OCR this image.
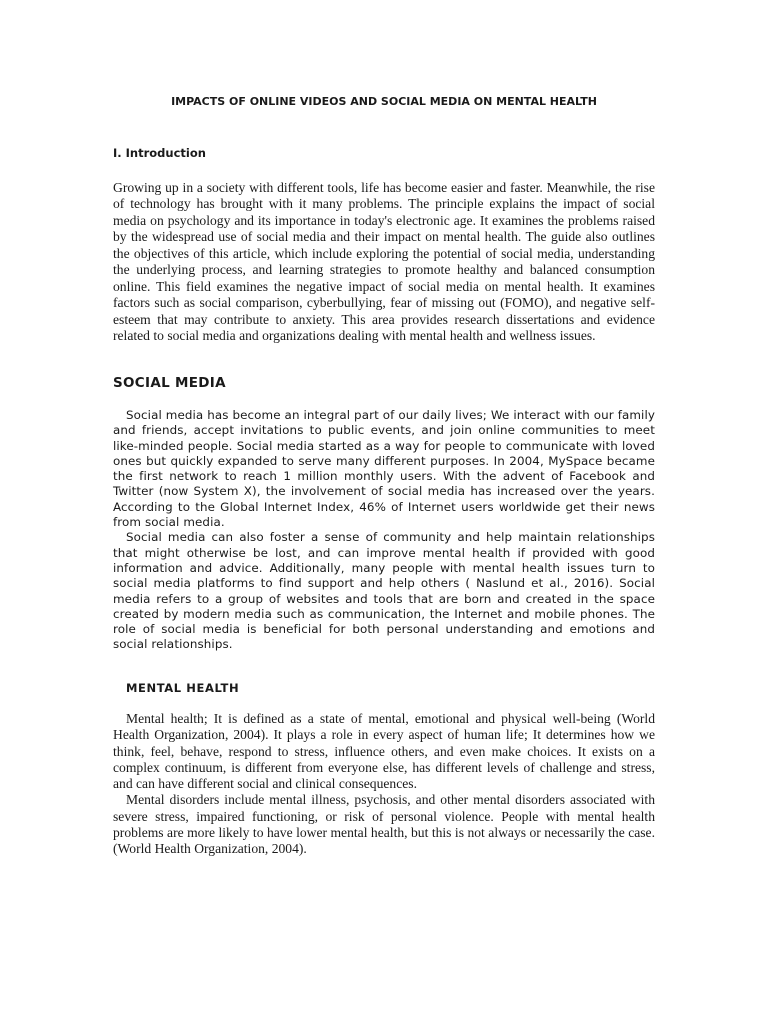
IMPACTS OF ONLINE VIDEOS AND SOCIAL MEDIA ON MENTAL HEALTH
I. Introduction

Growing up in a society with different tools, life has become easier and faster. Meanwhile, the rise of technology has brought with it many problems. The principle explains the impact of social media on psychology and its importance in today's electronic age. It examines the problems raised by the widespread use of social media and their impact on mental health. The guide also outlines the objectives of this article, which include exploring the potential of social media, understanding the underlying process, and learning strategies to promote healthy and balanced consumption online. This field examines the negative impact of social media on mental health. It examines factors such as social comparison, cyberbullying, fear of missing out (FOMO), and negative self-esteem that may contribute to anxiety. This area provides research dissertations and evidence related to social media and organizations dealing with mental health and wellness issues.

SOCIAL MEDIA

Social media has become an integral part of our daily lives; We interact with our family and friends, accept invitations to public events, and join online communities to meet like-minded people. Social media started as a way for people to communicate with loved ones but quickly expanded to serve many different purposes. In 2004, MySpace became the first network to reach 1 million monthly users. With the advent of Facebook and Twitter (now System X), the involvement of social media has increased over the years. According to the Global Internet Index, 46% of Internet users worldwide get their news from social media.

Social media can also foster a sense of community and help maintain relationships that might otherwise be lost, and can improve mental health if provided with good information and advice. Additionally, many people with mental health issues turn to social media platforms to find support and help others ( Naslund et al., 2016). Social media refers to a group of websites and tools that are born and created in the space created by modern media such as communication, the Internet and mobile phones. The role of social media is beneficial for both personal understanding and emotions and social relationships.

MENTAL HEALTH

Mental health; It is defined as a state of mental, emotional and physical well-being (World Health Organization, 2004). It plays a role in every aspect of human life; It determines how we think, feel, behave, respond to stress, influence others, and even make choices. It exists on a complex continuum, is different from everyone else, has different levels of challenge and stress, and can have different social and clinical consequences.

Mental disorders include mental illness, psychosis, and other mental disorders associated with severe stress, impaired functioning, or risk of personal violence. People with mental health problems are more likely to have lower mental health, but this is not always or necessarily the case. (World Health Organization, 2004).
